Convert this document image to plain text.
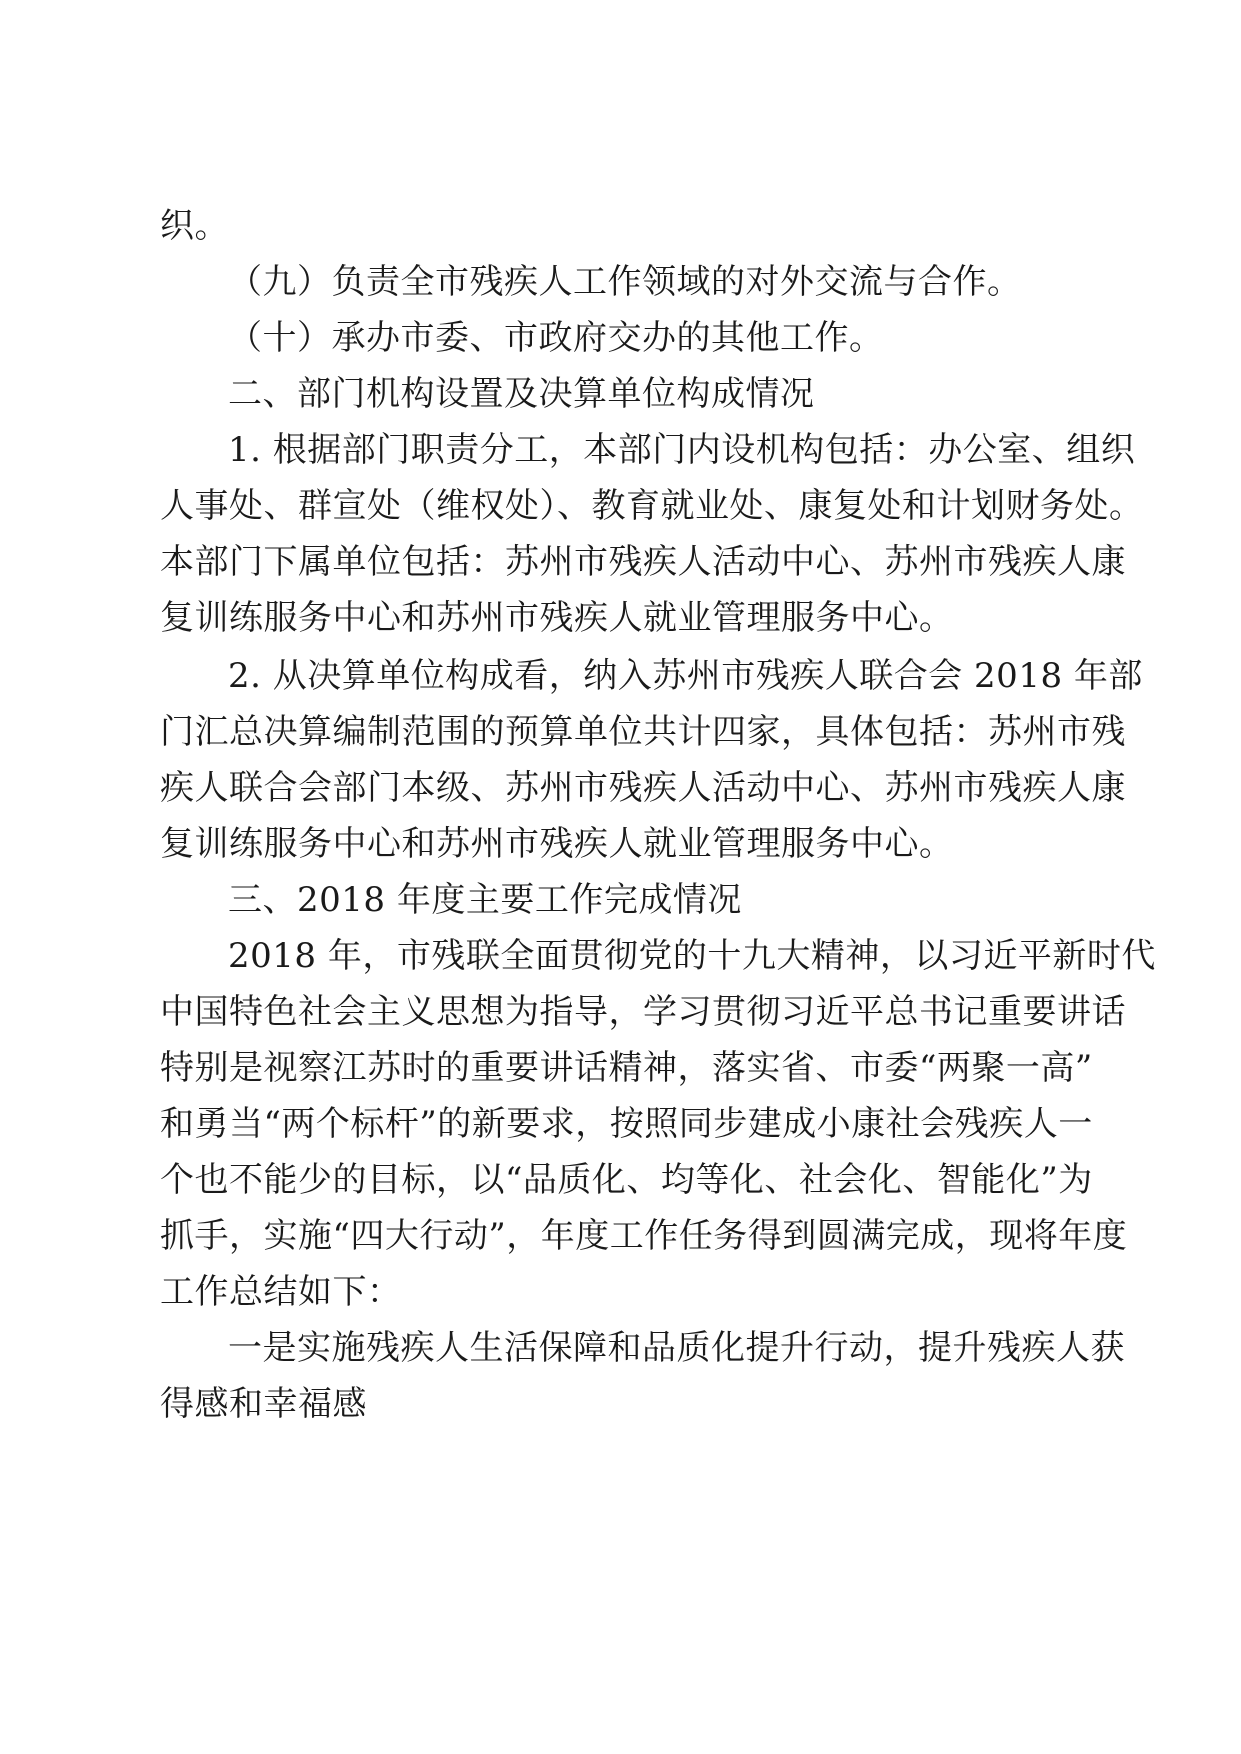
织。
（九）负责全市残疾人工作领域的对外交流与合作。
（十）承办市委、市政府交办的其他工作。
二、部门机构设置及决算单位构成情况
1. 根据部门职责分工，本部门内设机构包括：办公室、组织
人事处、群宣处（维权处）、教育就业处、康复处和计划财务处。
本部门下属单位包括：苏州市残疾人活动中心、苏州市残疾人康
复训练服务中心和苏州市残疾人就业管理服务中心。
2. 从决算单位构成看，纳入苏州市残疾人联合会 2018 年部
门汇总决算编制范围的预算单位共计四家，具体包括：苏州市残
疾人联合会部门本级、苏州市残疾人活动中心、苏州市残疾人康
复训练服务中心和苏州市残疾人就业管理服务中心。
三、2018 年度主要工作完成情况
2018 年，市残联全面贯彻党的十九大精神，以习近平新时代
中国特色社会主义思想为指导，学习贯彻习近平总书记重要讲话
特别是视察江苏时的重要讲话精神，落实省、市委“两聚一高”
和勇当“两个标杆”的新要求，按照同步建成小康社会残疾人一
个也不能少的目标，以“品质化、均等化、社会化、智能化”为
抓手，实施“四大行动”，年度工作任务得到圆满完成，现将年度
工作总结如下：
一是实施残疾人生活保障和品质化提升行动，提升残疾人获
得感和幸福感
